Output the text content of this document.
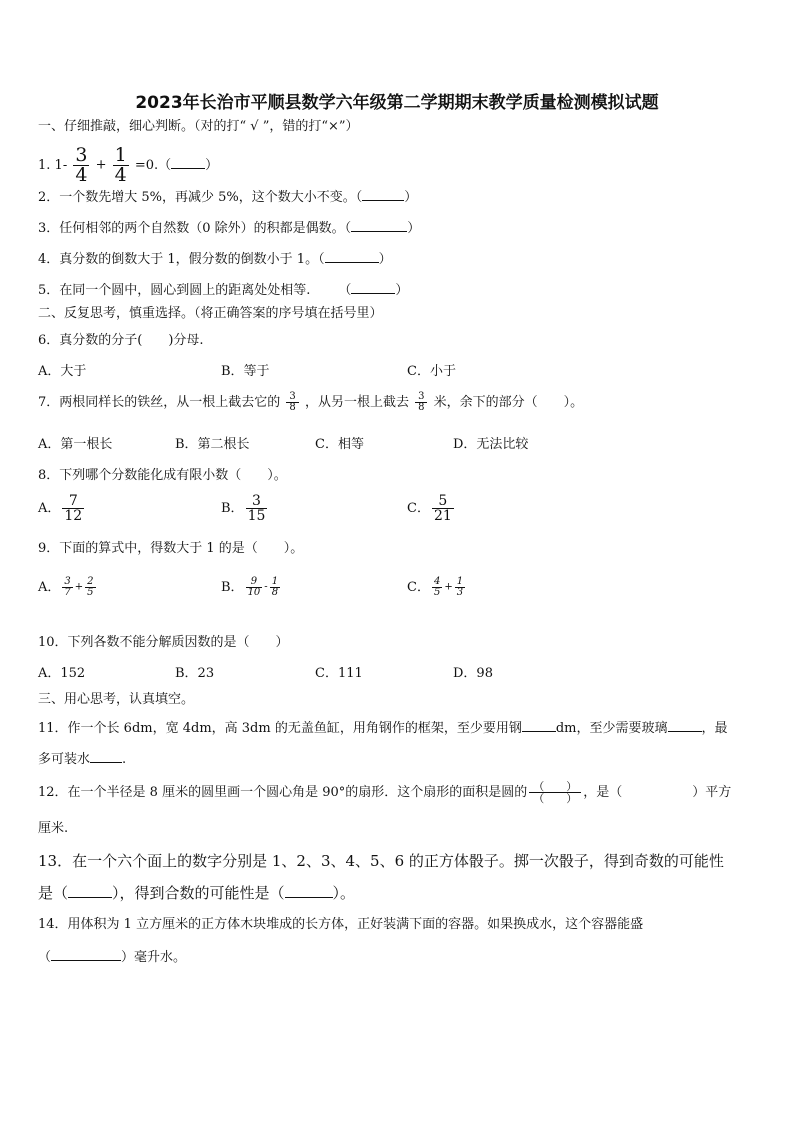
2023年长治市平顺县数学六年级第二学期期末教学质量检测模拟试题
一、仔细推敲，细心判断。（对的打“ √ ”，错的打“×”）
1. $1- \frac{3}{4} + \frac{1}{4} =0$.（	）
2．一个数先增大 5%，再减少 5%，这个数大小不变。（	）
3．任何相邻的两个自然数（0 除外）的积都是偶数。（	）
4．真分数的倒数大于 1，假分数的倒数小于 1。（	）
5．在同一个圆中，圆心到圆上的距离处处相等. （	）
二、反复思考，慎重选择。（将正确答案的序号填在括号里）
6．真分数的分子(　　)分母.
A．大于	B．等于	C．小于
7．两根同样长的铁丝，从一根上截去它的 $\frac{3}{8}$ ，从另一根上截去 $\frac{3}{8}$ 米，余下的部分（　　）。
A．第一根长	B．第二根长	C．相等	D．无法比较
8．下列哪个分数能化成有限小数（　　）。
A． $\frac{7}{12}$	B． $\frac{3}{15}$	C． $\frac{5}{21}$
9．下面的算式中，得数大于 1 的是（　　）。
A． $\frac{3}{7} + \frac{2}{5}$	B． $\frac{9}{10} - \frac{1}{8}$	C． $\frac{4}{5} + \frac{1}{3}$
10．下列各数不能分解质因数的是（　　）
A．152	B．23	C．111	D．98
三、用心思考，认真填空。
11．作一个长 6dm，宽 4dm，高 3dm 的无盖鱼缸，用角钢作的框架，至少要用钢	dm，至少需要玻璃	，最
多可装水 .
12．在一个半径是 8 厘米的圆里画一个圆心角是 90°的扇形．这个扇形的面积是圆的 $\frac{( )}{( )}$ ，是（	）平方
厘米.
13．在一个六个面上的数字分别是 1、2、3、4、5、6 的正方体骰子。掷一次骰子，得到奇数的可能性
是（	），得到合数的可能性是（	）。
14．用体积为 1 立方厘米的正方体木块堆成的长方体，正好装满下面的容器。如果换成水，这个容器能盛
（	）毫升水。
